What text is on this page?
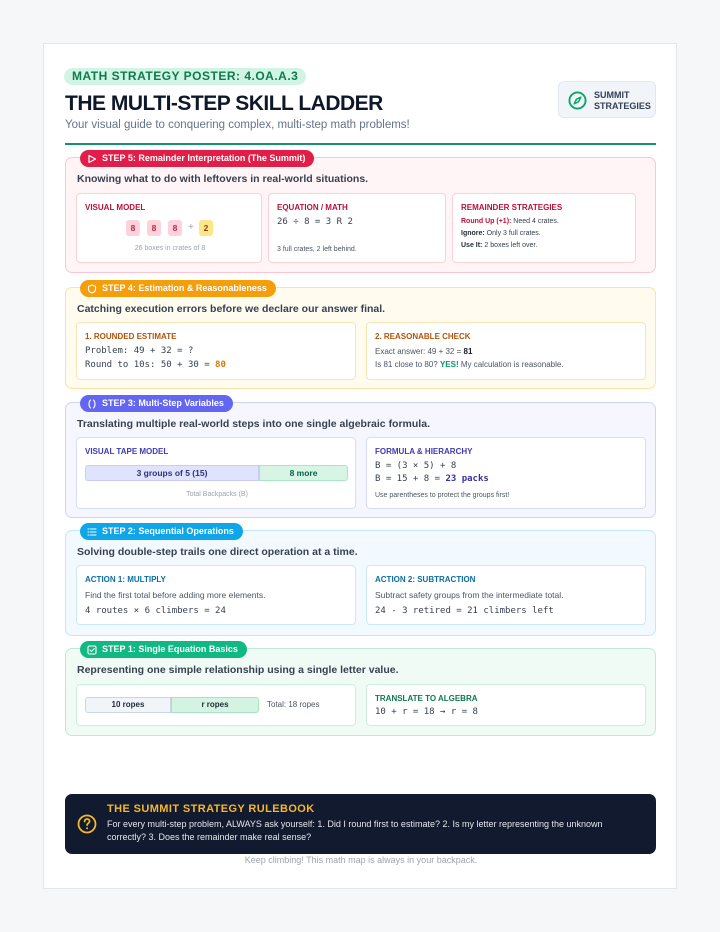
MATH STRATEGY POSTER: 4.OA.A.3
THE MULTI-STEP SKILL LADDER
Your visual guide to conquering complex, multi-step math problems!
SUMMIT
STRATEGIES
STEP 5: Remainder Interpretation (The Summit)
Knowing what to do with leftovers in real-world situations.
VISUAL MODEL
8	8	8	+	2
26 boxes in crates of 8
EQUATION / MATH
26 ÷ 8 = 3 R 2
3 full crates, 2 left behind.
REMAINDER STRATEGIES
Round Up (+1): Need 4 crates.
Ignore: Only 3 full crates.
Use It: 2 boxes left over.
STEP 4: Estimation & Reasonableness
Catching execution errors before we declare our answer final.
1. ROUNDED ESTIMATE
Problem: 49 + 32 = ?
Round to 10s: 50 + 30 = 80
2. REASONABLE CHECK
Exact answer: 49 + 32 = 81
Is 81 close to 80? YES! My calculation is reasonable.
STEP 3: Multi-Step Variables
Translating multiple real-world steps into one single algebraic formula.
VISUAL TAPE MODEL
3 groups of 5 (15)	8 more
Total Backpacks (B)
FORMULA & HIERARCHY
B = (3 × 5) + 8
B = 15 + 8 = 23 packs
Use parentheses to protect the groups first!
STEP 2: Sequential Operations
Solving double-step trails one direct operation at a time.
ACTION 1: MULTIPLY
Find the first total before adding more elements.
4 routes × 6 climbers = 24
ACTION 2: SUBTRACTION
Subtract safety groups from the intermediate total.
24 - 3 retired = 21 climbers left
STEP 1: Single Equation Basics
Representing one simple relationship using a single letter value.
10 ropes	r ropes	Total: 18 ropes
TRANSLATE TO ALGEBRA
10 + r = 18 → r = 8
THE SUMMIT STRATEGY RULEBOOK
For every multi-step problem, ALWAYS ask yourself: 1. Did I round first to estimate? 2. Is my letter representing the unknown correctly? 3. Does the remainder make real sense?
Keep climbing! This math map is always in your backpack.
